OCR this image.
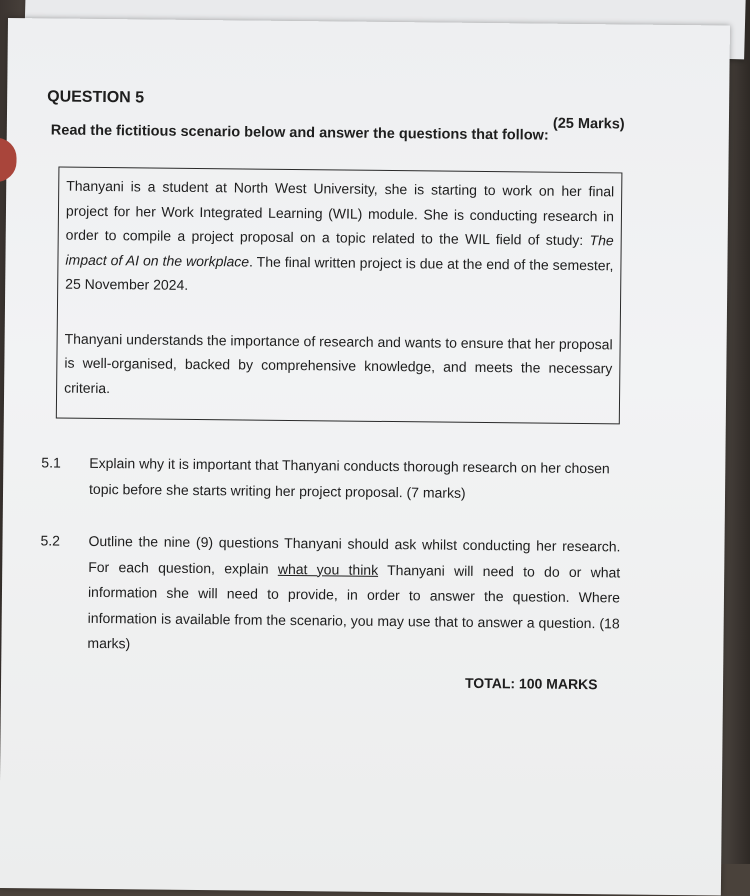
QUESTION 5
(25 Marks)
Read the fictitious scenario below and answer the questions that follow:

Thanyani is a student at North West University, she is starting to work on her final project for her Work Integrated Learning (WIL) module. She is conducting research in order to compile a project proposal on a topic related to the WIL field of study: The impact of AI on the workplace. The final written project is due at the end of the semester, 25 November 2024.

Thanyani understands the importance of research and wants to ensure that her proposal is well-organised, backed by comprehensive knowledge, and meets the necessary criteria.

5.1 Explain why it is important that Thanyani conducts thorough research on her chosen topic before she starts writing her project proposal. (7 marks)
5.2 Outline the nine (9) questions Thanyani should ask whilst conducting her research. For each question, explain what you think Thanyani will need to do or what information she will need to provide, in order to answer the question. Where information is available from the scenario, you may use that to answer a question. (18 marks)
TOTAL: 100 MARKS
